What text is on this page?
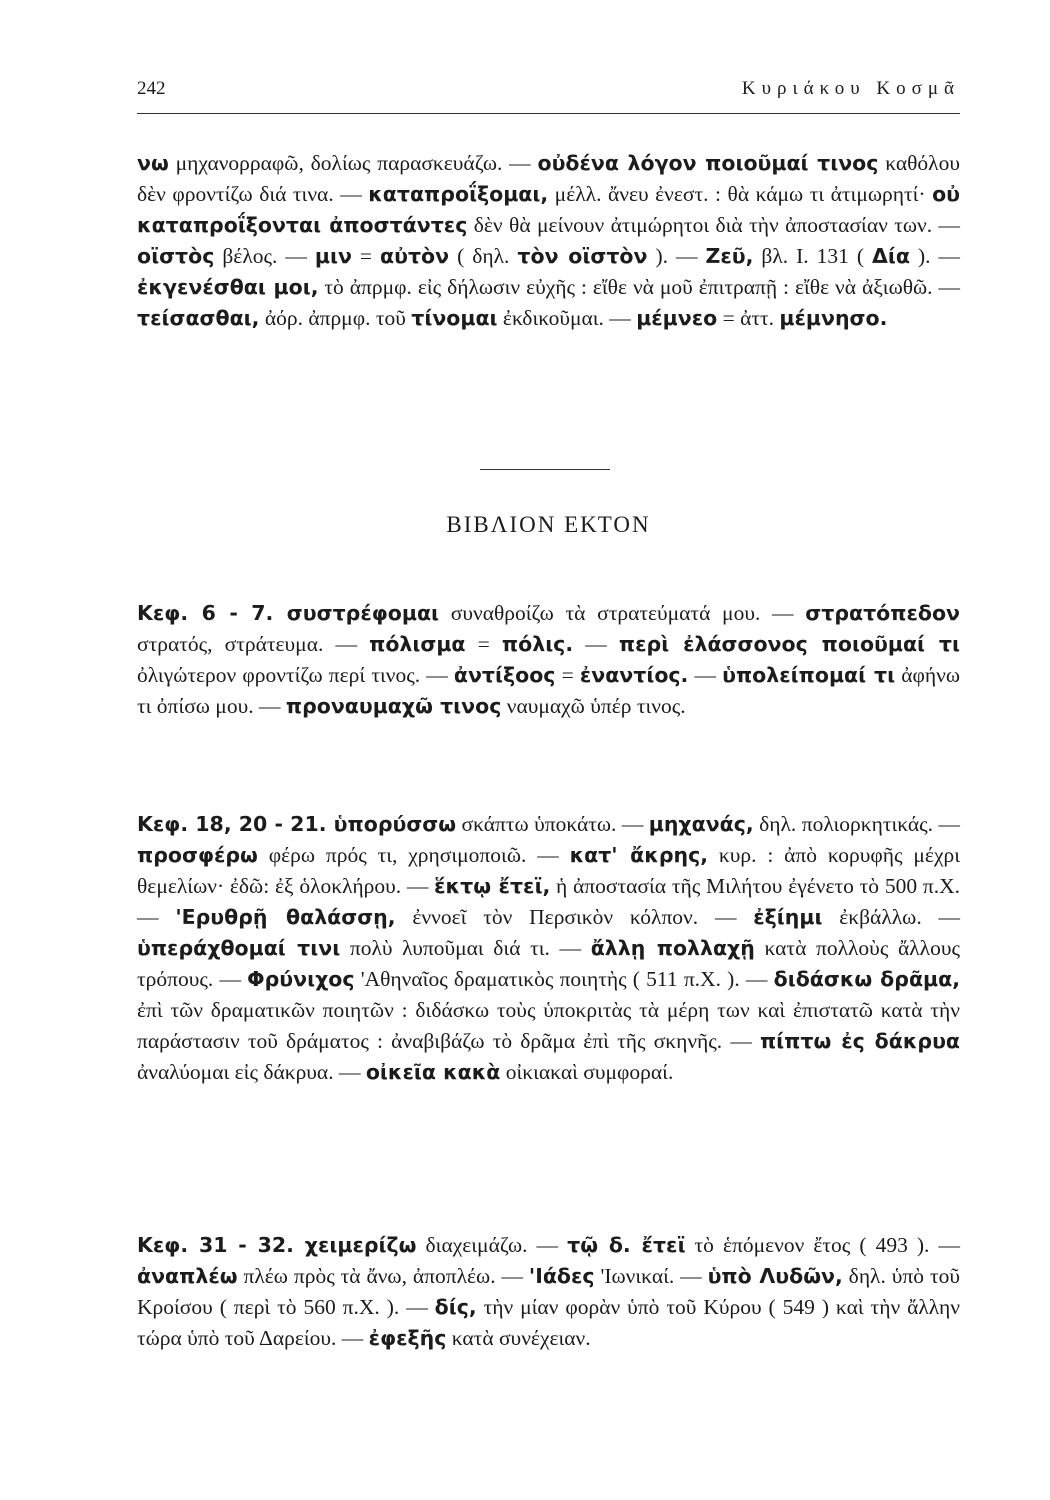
242	Κυριάκου Κοσμᾶ

νω μηχανορραφῶ, δολίως παρασκευάζω. — οὐδένα λόγον ποιοῦμαί τινος καθόλου δὲν φροντίζω διά τινα. — καταπροΐξομαι, μέλλ. ἄνευ ἐνεστ. : θὰ κάμω τι ἀτιμωρητί· οὐ καταπροΐξονται ἀποστάντες δὲν θὰ μείνουν ἀτιμώρητοι διὰ τὴν ἀποστασίαν των. — οϊστὸς βέλος. — μιν = αὐτὸν ( δηλ. τὸν οϊστὸν ). — Ζεῦ, βλ. Ι. 131 ( Δία ). — ἐκγενέσθαι μοι, τὸ ἀπρμφ. εἰς δήλωσιν εὐχῆς : εἴθε νὰ μοῦ ἐπιτραπῇ : εἴθε νὰ ἀξιωθῶ. — τείσασθαι, ἀόρ. ἀπρμφ. τοῦ τίνομαι ἐκδικοῦμαι. — μέμνεο = ἀττ. μέμνησο.

ΒΙΒΛΙΟΝ ΕΚΤΟΝ

Κεφ. 6 - 7. συστρέφομαι συναθροίζω τὰ στρατεύματά μου. — στρατόπεδον στρατός, στράτευμα. — πόλισμα = πόλις. — περὶ ἐλάσσονος ποιοῦμαί τι ὀλιγώτερον φροντίζω περί τινος. — ἀντίξοος = ἐναντίος. — ὑπολείπομαί τι ἀφήνω τι ὀπίσω μου. — προναυμαχῶ τινος ναυμαχῶ ὑπέρ τινος.

Κεφ. 18, 20 - 21. ὑπορύσσω σκάπτω ὑποκάτω. — μηχανάς, δηλ. πολιορκητικάς. — προσφέρω φέρω πρός τι, χρησιμοποιῶ. — κατ' ἄκρης, κυρ. : ἀπὸ κορυφῆς μέχρι θεμελίων· ἐδῶ: ἐξ ὁλοκλήρου. — ἕκτῳ ἔτεϊ, ἡ ἀποστασία τῆς Μιλήτου ἐγένετο τὸ 500 π.Χ. — 'Ερυθρῇ θαλάσσῃ, ἐννοεῖ τὸν Περσικὸν κόλπον. — ἐξίημι ἐκβάλλω. — ὑπεράχθομαί τινι πολὺ λυποῦμαι διά τι. — ἄλλῃ πολλαχῇ κατὰ πολλοὺς ἄλλους τρόπους. — Φρύνιχος 'Αθηναῖος δραματικὸς ποιητὴς ( 511 π.Χ. ). — διδάσκω δρᾶμα, ἐπὶ τῶν δραματικῶν ποιητῶν : διδάσκω τοὺς ὑποκριτὰς τὰ μέρη των καὶ ἐπιστατῶ κατὰ τὴν παράστασιν τοῦ δράματος : ἀναβιβάζω τὸ δρᾶμα ἐπὶ τῆς σκηνῆς. — πίπτω ἐς δάκρυα ἀναλύομαι εἰς δάκρυα. — οἰκεῖα κακὰ οἰκιακαὶ συμφοραί.

Κεφ. 31 - 32. χειμερίζω διαχειμάζω. — τῷ δ. ἔτεϊ τὸ ἑπόμενον ἔτος ( 493 ). — ἀναπλέω πλέω πρὸς τὰ ἄνω, ἀποπλέω. — 'Ιάδες 'Ιωνικαί. — ὑπὸ Λυδῶν, δηλ. ὑπὸ τοῦ Κροίσου ( περὶ τὸ 560 π.Χ. ). — δίς, τὴν μίαν φορὰν ὑπὸ τοῦ Κύρου ( 549 ) καὶ τὴν ἄλλην τώρα ὑπὸ τοῦ Δαρείου. — ἐφεξῆς κατὰ συνέχειαν.
